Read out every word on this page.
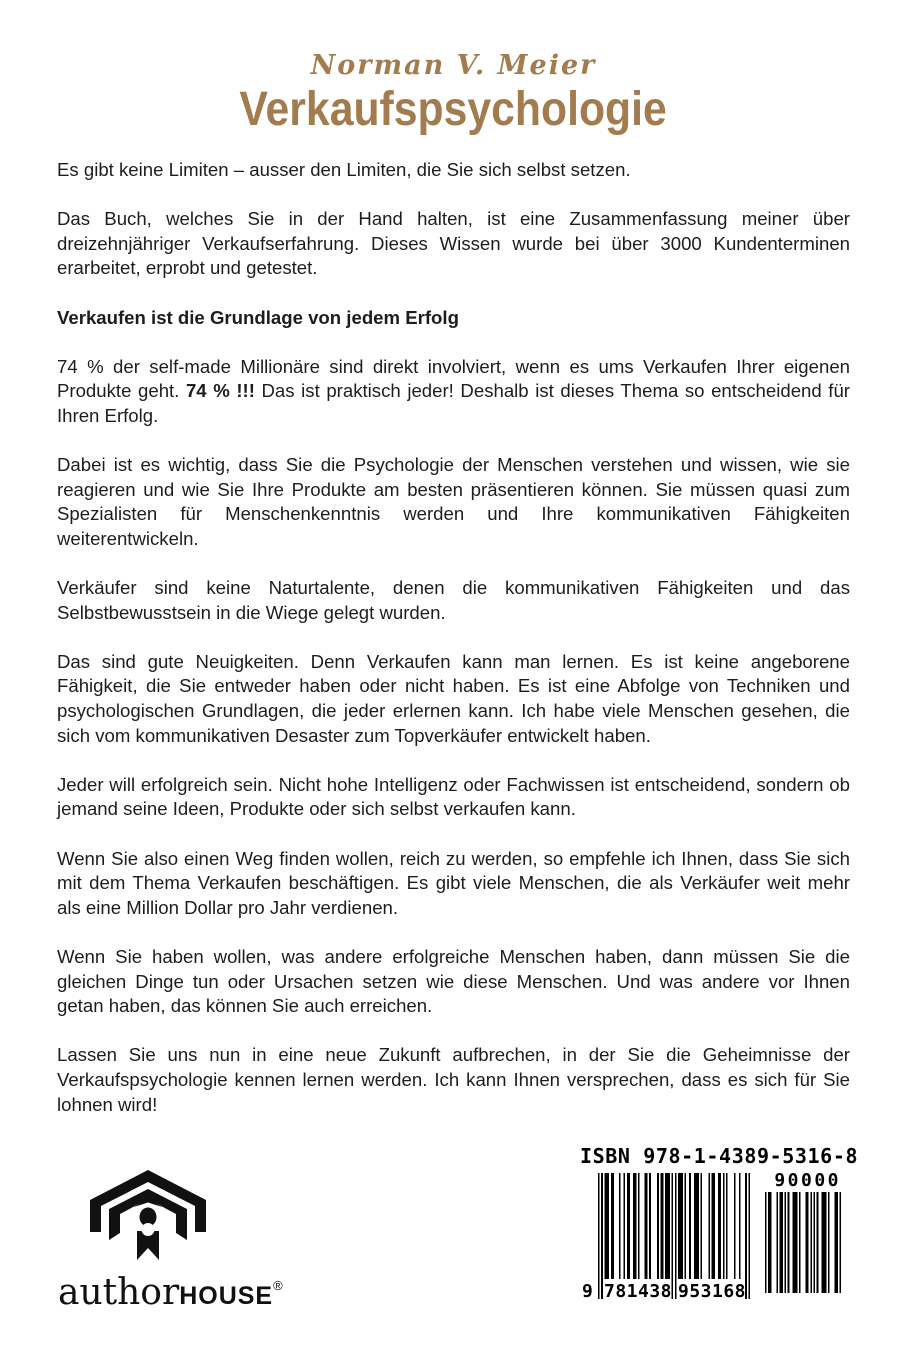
Norman V. Meier
Verkaufspsychologie

Es gibt keine Limiten – ausser den Limiten, die Sie sich selbst setzen.

Das Buch, welches Sie in der Hand halten, ist eine Zusammenfassung meiner über dreizehnjähriger Verkaufserfahrung. Dieses Wissen wurde bei über 3000 Kundenterminen erarbeitet, erprobt und getestet.

Verkaufen ist die Grundlage von jedem Erfolg

74 % der self-made Millionäre sind direkt involviert, wenn es ums Verkaufen Ihrer eigenen Produkte geht. 74 % !!! Das ist praktisch jeder! Deshalb ist dieses Thema so entscheidend für Ihren Erfolg.

Dabei ist es wichtig, dass Sie die Psychologie der Menschen verstehen und wissen, wie sie reagieren und wie Sie Ihre Produkte am besten präsentieren können. Sie müssen quasi zum Spezialisten für Menschenkenntnis werden und Ihre kommunikativen Fähigkeiten weiterentwickeln.

Verkäufer sind keine Naturtalente, denen die kommunikativen Fähigkeiten und das Selbstbewusstsein in die Wiege gelegt wurden.

Das sind gute Neuigkeiten. Denn Verkaufen kann man lernen. Es ist keine angeborene Fähigkeit, die Sie entweder haben oder nicht haben. Es ist eine Abfolge von Techniken und psychologischen Grundlagen, die jeder erlernen kann. Ich habe viele Menschen gesehen, die sich vom kommunikativen Desaster zum Topverkäufer entwickelt haben.

Jeder will erfolgreich sein. Nicht hohe Intelligenz oder Fachwissen ist entscheidend, sondern ob jemand seine Ideen, Produkte oder sich selbst verkaufen kann.

Wenn Sie also einen Weg finden wollen, reich zu werden, so empfehle ich Ihnen, dass Sie sich mit dem Thema Verkaufen beschäftigen. Es gibt viele Menschen, die als Verkäufer weit mehr als eine Million Dollar pro Jahr verdienen.

Wenn Sie haben wollen, was andere erfolgreiche Menschen haben, dann müssen Sie die gleichen Dinge tun oder Ursachen setzen wie diese Menschen. Und was andere vor Ihnen getan haben, das können Sie auch erreichen.

Lassen Sie uns nun in eine neue Zukunft aufbrechen, in der Sie die Geheimnisse der Verkaufspsychologie kennen lernen werden. Ich kann Ihnen versprechen, dass es sich für Sie lohnen wird!

authorHOUSE®
ISBN 978-1-4389-5316-8
9 781438 953168
90000
